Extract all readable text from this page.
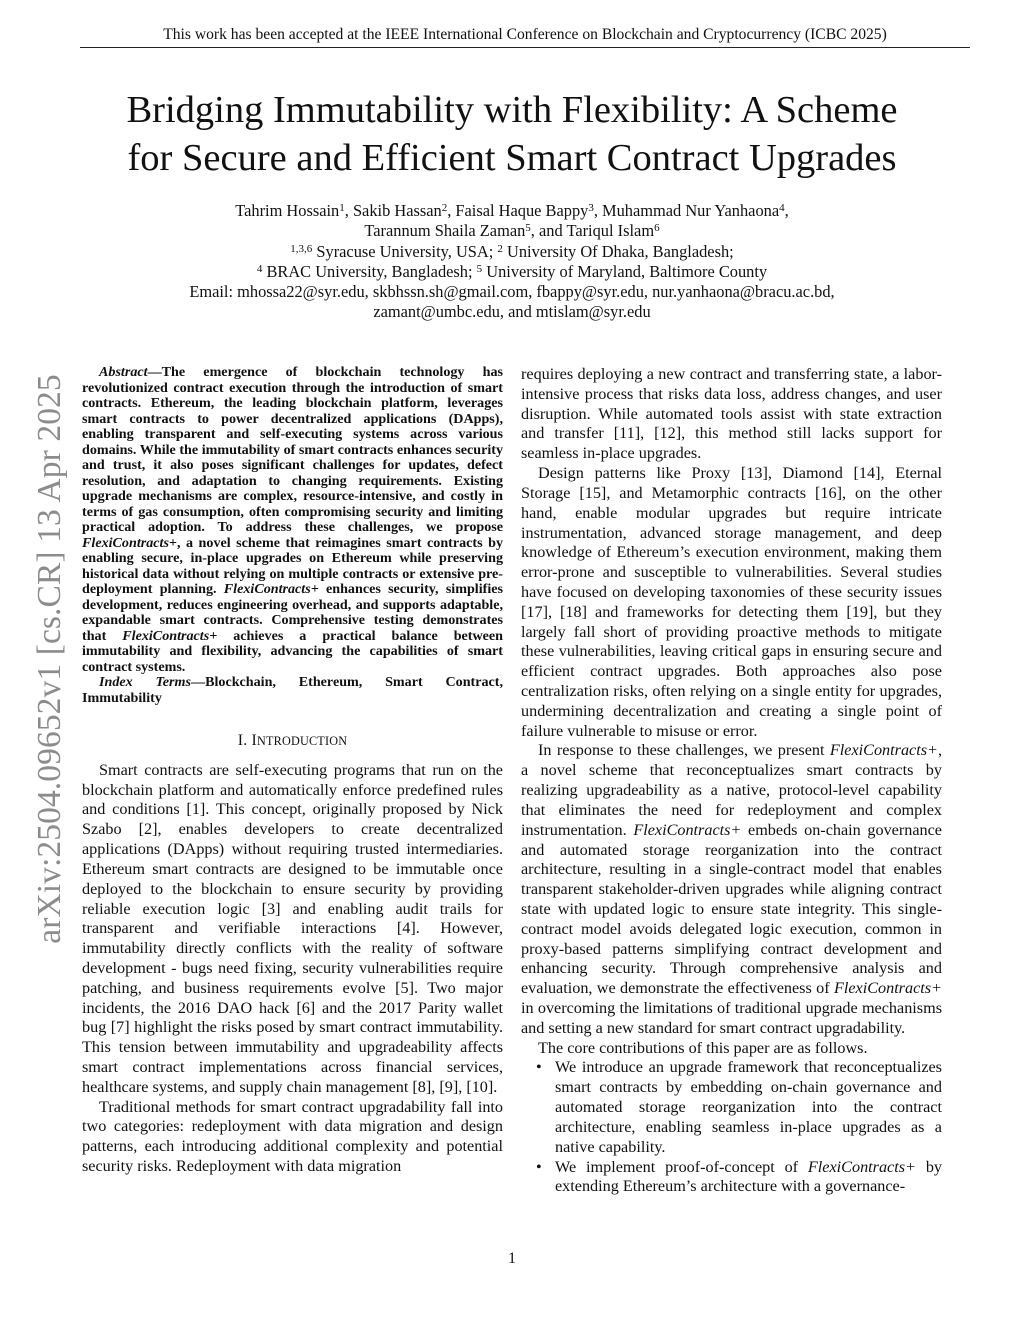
This work has been accepted at the IEEE International Conference on Blockchain and Cryptocurrency (ICBC 2025)
arXiv:2504.09652v1 [cs.CR] 13 Apr 2025
Bridging Immutability with Flexibility: A Scheme
for Secure and Efficient Smart Contract Upgrades
Tahrim Hossain$^1$, Sakib Hassan$^2$, Faisal Haque Bappy$^3$, Muhammad Nur Yanhaona$^4$,
Tarannum Shaila Zaman$^5$, and Tariqul Islam$^6$
$^{1,3,6}$ Syracuse University, USA; $^2$ University Of Dhaka, Bangladesh;
$^4$ BRAC University, Bangladesh; $^5$ University of Maryland, Baltimore County
Email: mhossa22@syr.edu, skbhssn.sh@gmail.com, fbappy@syr.edu, nur.yanhaona@bracu.ac.bd,
zamant@umbc.edu, and mtislam@syr.edu

Abstract—The emergence of blockchain technology has revolutionized contract execution through the introduction of smart contracts. Ethereum, the leading blockchain platform, leverages smart contracts to power decentralized applications (DApps), enabling transparent and self-executing systems across various domains. While the immutability of smart contracts enhances security and trust, it also poses significant challenges for updates, defect resolution, and adaptation to changing requirements. Existing upgrade mechanisms are complex, resource-intensive, and costly in terms of gas consumption, often compromising security and limiting practical adoption. To address these challenges, we propose FlexiContracts+, a novel scheme that reimagines smart contracts by enabling secure, in-place upgrades on Ethereum while preserving historical data without relying on multiple contracts or extensive pre-deployment planning. FlexiContracts+ enhances security, simplifies development, reduces engineering overhead, and supports adaptable, expandable smart contracts. Comprehensive testing demonstrates that FlexiContracts+ achieves a practical balance between immutability and flexibility, advancing the capabilities of smart contract systems.

Index Terms—Blockchain, Ethereum, Smart Contract, Immutability

I. INTRODUCTION

Smart contracts are self-executing programs that run on the blockchain platform and automatically enforce predefined rules and conditions [1]. This concept, originally proposed by Nick Szabo [2], enables developers to create decentralized applications (DApps) without requiring trusted intermediaries. Ethereum smart contracts are designed to be immutable once deployed to the blockchain to ensure security by providing reliable execution logic [3] and enabling audit trails for transparent and verifiable interactions [4]. However, immutability directly conflicts with the reality of software development - bugs need fixing, security vulnerabilities require patching, and business requirements evolve [5]. Two major incidents, the 2016 DAO hack [6] and the 2017 Parity wallet bug [7] highlight the risks posed by smart contract immutability. This tension between immutability and upgradeability affects smart contract implementations across financial services, healthcare systems, and supply chain management [8], [9], [10].

Traditional methods for smart contract upgradability fall into two categories: redeployment with data migration and design patterns, each introducing additional complexity and potential security risks. Redeployment with data migration

requires deploying a new contract and transferring state, a labor-intensive process that risks data loss, address changes, and user disruption. While automated tools assist with state extraction and transfer [11], [12], this method still lacks support for seamless in-place upgrades.

Design patterns like Proxy [13], Diamond [14], Eternal Storage [15], and Metamorphic contracts [16], on the other hand, enable modular upgrades but require intricate instrumentation, advanced storage management, and deep knowledge of Ethereum’s execution environment, making them error-prone and susceptible to vulnerabilities. Several studies have focused on developing taxonomies of these security issues [17], [18] and frameworks for detecting them [19], but they largely fall short of providing proactive methods to mitigate these vulnerabilities, leaving critical gaps in ensuring secure and efficient contract upgrades. Both approaches also pose centralization risks, often relying on a single entity for upgrades, undermining decentralization and creating a single point of failure vulnerable to misuse or error.

In response to these challenges, we present FlexiContracts+, a novel scheme that reconceptualizes smart contracts by realizing upgradeability as a native, protocol-level capability that eliminates the need for redeployment and complex instrumentation. FlexiContracts+ embeds on-chain governance and automated storage reorganization into the contract architecture, resulting in a single-contract model that enables transparent stakeholder-driven upgrades while aligning contract state with updated logic to ensure state integrity. This single-contract model avoids delegated logic execution, common in proxy-based patterns simplifying contract development and enhancing security. Through comprehensive analysis and evaluation, we demonstrate the effectiveness of FlexiContracts+ in overcoming the limitations of traditional upgrade mechanisms and setting a new standard for smart contract upgradability.

The core contributions of this paper are as follows.

• We introduce an upgrade framework that reconceptualizes smart contracts by embedding on-chain governance and automated storage reorganization into the contract architecture, enabling seamless in-place upgrades as a native capability.
• We implement proof-of-concept of FlexiContracts+ by extending Ethereum’s architecture with a governance-
1
